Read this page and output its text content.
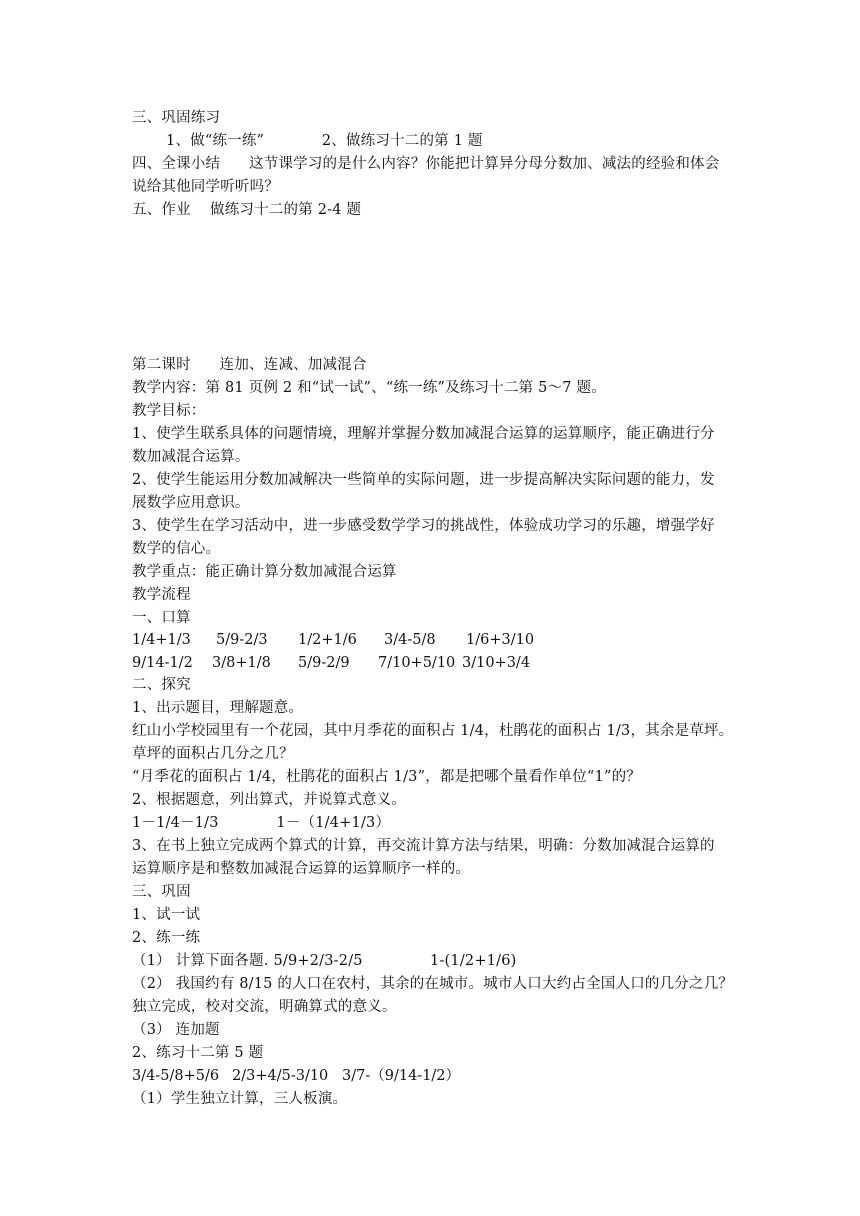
三、巩固练习
1、做“练一练”            2、做练习十二的第 1 题
四、全课小结      这节课学习的是什么内容？你能把计算异分母分数加、减法的经验和体会
说给其他同学听听吗？
五、作业    做练习十二的第 2-4 题
第二课时      连加、连减、加减混合
教学内容：第 81 页例 2 和“试一试”、“练一练”及练习十二第 5～7 题。
教学目标：
1、使学生联系具体的问题情境，理解并掌握分数加减混合运算的运算顺序，能正确进行分
数加减混合运算。
2、使学生能运用分数加减解决一些简单的实际问题，进一步提高解决实际问题的能力，发
展数学应用意识。
3、使学生在学习活动中，进一步感受数学学习的挑战性，体验成功学习的乐趣，增强学好
数学的信心。
教学重点：能正确计算分数加减混合运算
教学流程
一、口算
1/4+1/3 5/9-2/3 1/2+1/6 3/4-5/8 1/6+3/10
9/14-1/2 3/8+1/8 5/9-2/9 7/10+5/10 3/10+3/4
二、探究
1、出示题目，理解题意。
红山小学校园里有一个花园，其中月季花的面积占 1/4，杜鹃花的面积占 1/3，其余是草坪。
草坪的面积占几分之几？
“月季花的面积占 1/4，杜鹃花的面积占 1/3”，都是把哪个量看作单位“1”的？
2、根据题意，列出算式，并说算式意义。
1－1/4－1/3            1－（1/4+1/3）
3、在书上独立完成两个算式的计算，再交流计算方法与结果，明确：分数加减混合运算的
运算顺序是和整数加减混合运算的运算顺序一样的。
三、巩固
1、试一试
2、练一练
（1） 计算下面各题. 5/9+2/3-2/5              1-(1/2+1/6)
（2） 我国约有 8/15 的人口在农村，其余的在城市。城市人口大约占全国人口的几分之几？
独立完成，校对交流，明确算式的意义。
（3） 连加题
2、练习十二第 5 题
3/4-5/8+5/6 2/3+4/5-3/10 3/7-（9/14-1/2）
（1）学生独立计算，三人板演。
